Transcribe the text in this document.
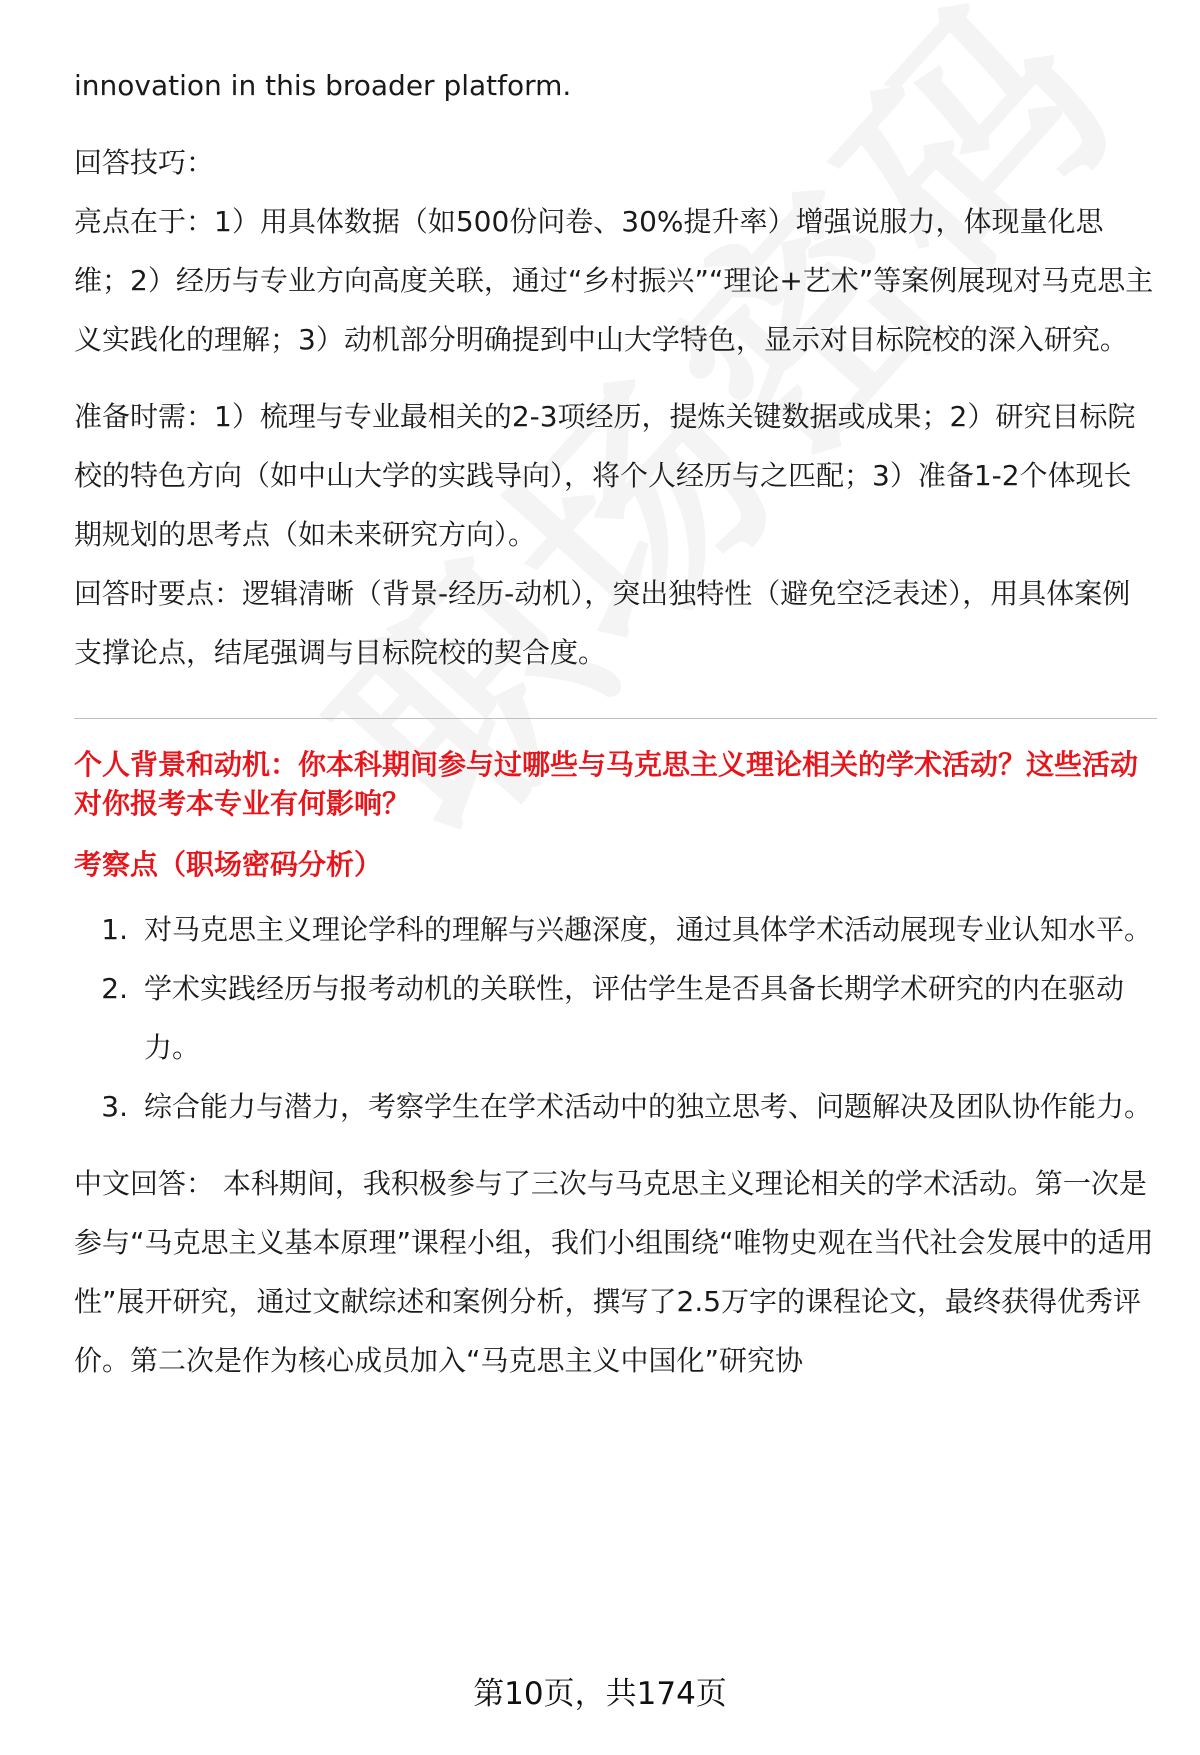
innovation in this broader platform.

回答技巧：

亮点在于：1）用具体数据（如500份问卷、30%提升率）增强说服力，体现量化思维；2）经历与专业方向高度关联，通过“乡村振兴”“理论+艺术”等案例展现对马克思主义实践化的理解；3）动机部分明确提到中山大学特色，显示对目标院校的深入研究。

准备时需：1）梳理与专业最相关的2-3项经历，提炼关键数据或成果；2）研究目标院校的特色方向（如中山大学的实践导向），将个人经历与之匹配；3）准备1-2个体现长期规划的思考点（如未来研究方向）。

回答时要点：逻辑清晰（背景-经历-动机），突出独特性（避免空泛表述），用具体案例支撑论点，结尾强调与目标院校的契合度。

个人背景和动机：你本科期间参与过哪些与马克思主义理论相关的学术活动？这些活动对你报考本专业有何影响？

考察点（职场密码分析）

1. 对马克思主义理论学科的理解与兴趣深度，通过具体学术活动展现专业认知水平。
2. 学术实践经历与报考动机的关联性，评估学生是否具备长期学术研究的内在驱动力。
3. 综合能力与潜力，考察学生在学术活动中的独立思考、问题解决及团队协作能力。

中文回答： 本科期间，我积极参与了三次与马克思主义理论相关的学术活动。第一次是参与“马克思主义基本原理”课程小组，我们小组围绕“唯物史观在当代社会发展中的适用性”展开研究，通过文献综述和案例分析，撰写了2.5万字的课程论文，最终获得优秀评价。第二次是作为核心成员加入“马克思主义中国化”研究协

第10页，共174页
